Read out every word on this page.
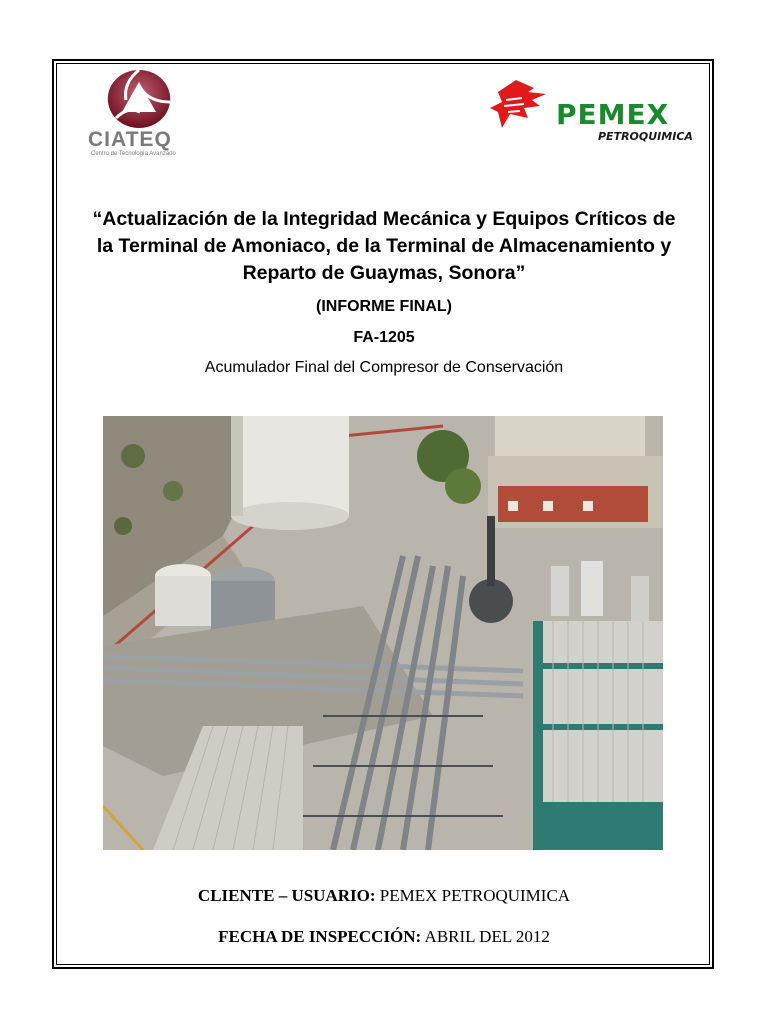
CIATEQ
Centro de Tecnología Avanzado
PEMEX
PETROQUIMICA
“Actualización de la Integridad Mecánica y Equipos Críticos de
la Terminal de Amoniaco, de la Terminal de Almacenamiento y
Reparto de Guaymas, Sonora”
(INFORME FINAL)
FA-1205
Acumulador Final del Compresor de Conservación
CLIENTE – USUARIO: PEMEX PETROQUIMICA
FECHA DE INSPECCIÓN: ABRIL DEL 2012
